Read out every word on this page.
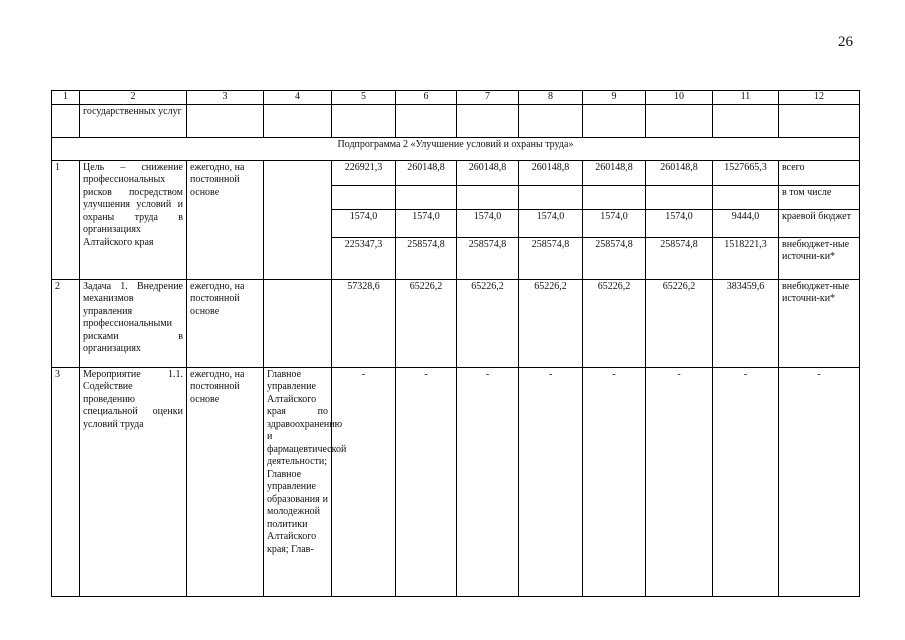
26
1	2	3	4	5	6	7	8	9	10	11	12
	государственных услуг										
Подпрограмма 2 «Улучшение условий и охраны труда»											
1	Цель – снижение профессиональных рисков посредством улучшения условий и охраны труда в организациях Алтайского края	ежегодно, на постоянной основе		226921,3	260148,8	260148,8	260148,8	260148,8	260148,8	1527665,3	всего
											в том числе
				1574,0	1574,0	1574,0	1574,0	1574,0	1574,0	9444,0	краевой бюджет
				225347,3	258574,8	258574,8	258574,8	258574,8	258574,8	1518221,3	внебюджет-ные источни-ки*
2	Задача 1. Внедрение механизмов управления профессиональными рисками в организациях	ежегодно, на постоянной основе		57328,6	65226,2	65226,2	65226,2	65226,2	65226,2	383459,6	внебюджет-ные источни-ки*
3	Мероприятие 1.1. Содействие проведению специальной оценки условий труда	ежегодно, на постоянной основе	Главное управление Алтайского края по здравоохранению и фармацевтической деятельности; Главное управление образования и молодежной политики Алтайского края; Глав-	-	-	-	-	-	-	-	-
